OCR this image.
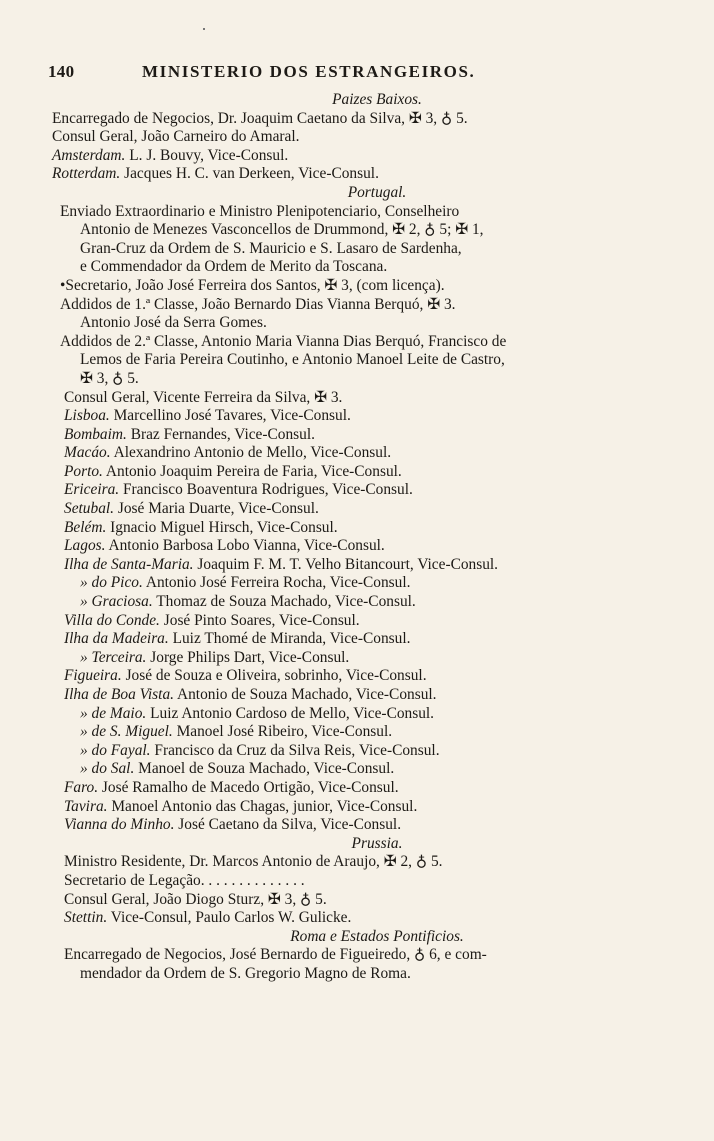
140	MINISTERIO DOS ESTRANGEIROS.
Paizes Baixos.
Encarregado de Negocios, Dr. Joaquim Caetano da Silva, ✠ 3, ♁ 5.
Consul Geral, João Carneiro do Amaral.
Amsterdam. L. J. Bouvy, Vice-Consul.
Rotterdam. Jacques H. C. van Derkeen, Vice-Consul.
Portugal.
Enviado Extraordinario e Ministro Plenipotenciario, Conselheiro
Antonio de Menezes Vasconcellos de Drummond, ✠ 2, ♁ 5; ✠ 1,
Gran-Cruz da Ordem de S. Mauricio e S. Lasaro de Sardenha,
e Commendador da Ordem de Merito da Toscana.
•Secretario, João José Ferreira dos Santos, ✠ 3, (com licença).
Addidos de 1.ª Classe, João Bernardo Dias Vianna Berquó, ✠ 3.
Antonio José da Serra Gomes.
Addidos de 2.ª Classe, Antonio Maria Vianna Dias Berquó, Francisco de
Lemos de Faria Pereira Coutinho, e Antonio Manoel Leite de Castro,
✠ 3, ♁ 5.
Consul Geral, Vicente Ferreira da Silva, ✠ 3.
Lisboa. Marcellino José Tavares, Vice-Consul.
Bombaim. Braz Fernandes, Vice-Consul.
Macáo. Alexandrino Antonio de Mello, Vice-Consul.
Porto. Antonio Joaquim Pereira de Faria, Vice-Consul.
Ericeira. Francisco Boaventura Rodrigues, Vice-Consul.
Setubal. José Maria Duarte, Vice-Consul.
Belém. Ignacio Miguel Hirsch, Vice-Consul.
Lagos. Antonio Barbosa Lobo Vianna, Vice-Consul.
Ilha de Santa-Maria. Joaquim F. M. T. Velho Bitancourt, Vice-Consul.
» do Pico. Antonio José Ferreira Rocha, Vice-Consul.
» Graciosa. Thomaz de Souza Machado, Vice-Consul.
Villa do Conde. José Pinto Soares, Vice-Consul.
Ilha da Madeira. Luiz Thomé de Miranda, Vice-Consul.
» Terceira. Jorge Philips Dart, Vice-Consul.
Figueira. José de Souza e Oliveira, sobrinho, Vice-Consul.
Ilha de Boa Vista. Antonio de Souza Machado, Vice-Consul.
» de Maio. Luiz Antonio Cardoso de Mello, Vice-Consul.
» de S. Miguel. Manoel José Ribeiro, Vice-Consul.
» do Fayal. Francisco da Cruz da Silva Reis, Vice-Consul.
» do Sal. Manoel de Souza Machado, Vice-Consul.
Faro. José Ramalho de Macedo Ortigão, Vice-Consul.
Tavira. Manoel Antonio das Chagas, junior, Vice-Consul.
Vianna do Minho. José Caetano da Silva, Vice-Consul.
Prussia.
Ministro Residente, Dr. Marcos Antonio de Araujo, ✠ 2, ♁ 5.
Secretario de Legação. . . . . . . . . . . . . .
Consul Geral, João Diogo Sturz, ✠ 3, ♁ 5.
Stettin. Vice-Consul, Paulo Carlos W. Gulicke.
Roma e Estados Pontificios.
Encarregado de Negocios, José Bernardo de Figueiredo, ♁ 6, e com-
mendador da Ordem de S. Gregorio Magno de Roma.
